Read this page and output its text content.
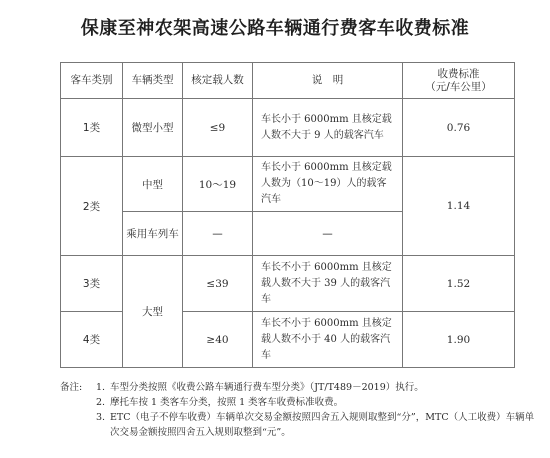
保康至神农架高速公路车辆通行费客车收费标准
客车类别	车辆类型	核定载人数	说　明	收费标准
（元/车公里）

1类	微型小型	≤9	车长小于 6000mm 且核定载人数不大于 9 人的载客汽车	0.76
2类	中型	10～19	车长小于 6000mm 且核定载人数为（10～19）人的载客汽车	1.14
	乘用车列车	—	—	
3类	大型	≤39	车长不小于 6000mm 且核定载人数不大于 39 人的载客汽车	1.52
4类		≥40	车长不小于 6000mm 且核定载人数不小于 40 人的载客汽车	1.90
备注:	1. 车型分类按照《收费公路车辆通行费车型分类》（JT/T489－2019）执行。
2. 摩托车按 1 类客车分类，按照 1 类客车收费标准收费。
3. ETC（电子不停车收费）车辆单次交易金额按照四舍五入规则取整到“分”，MTC（人工收费）车辆单次交易金额按照四舍五入规则取整到“元”。
